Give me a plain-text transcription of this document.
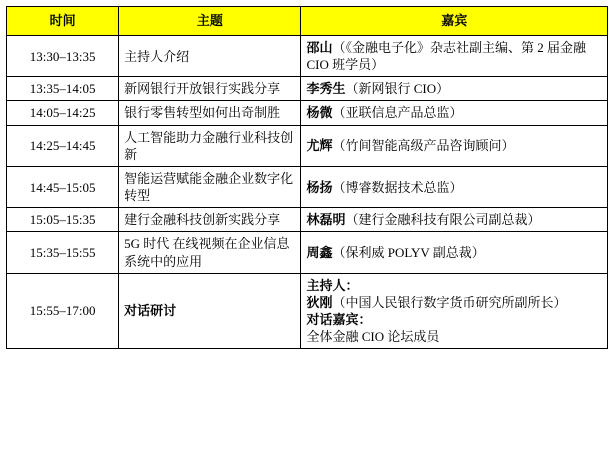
时间	主题	嘉宾
13:30–13:35	主持人介绍	邵山（《金融电子化》杂志社副主编、第 2 届金融 CIO 班学员）
13:35–14:05	新网银行开放银行实践分享	李秀生（新网银行 CIO）
14:05–14:25	银行零售转型如何出奇制胜	杨微（亚联信息产品总监）
14:25–14:45	人工智能助力金融行业科技创新	尤辉（竹间智能高级产品咨询顾问）
14:45–15:05	智能运营赋能金融企业数字化转型	杨扬（博睿数据技术总监）
15:05–15:35	建行金融科技创新实践分享	林磊明（建行金融科技有限公司副总裁）
15:35–15:55	5G 时代 在线视频在企业信息系统中的应用	周鑫（保利威 POLYV 副总裁）
15:55–17:00	对话研讨	主持人：
狄刚（中国人民银行数字货币研究所副所长）
对话嘉宾：
全体金融 CIO 论坛成员
